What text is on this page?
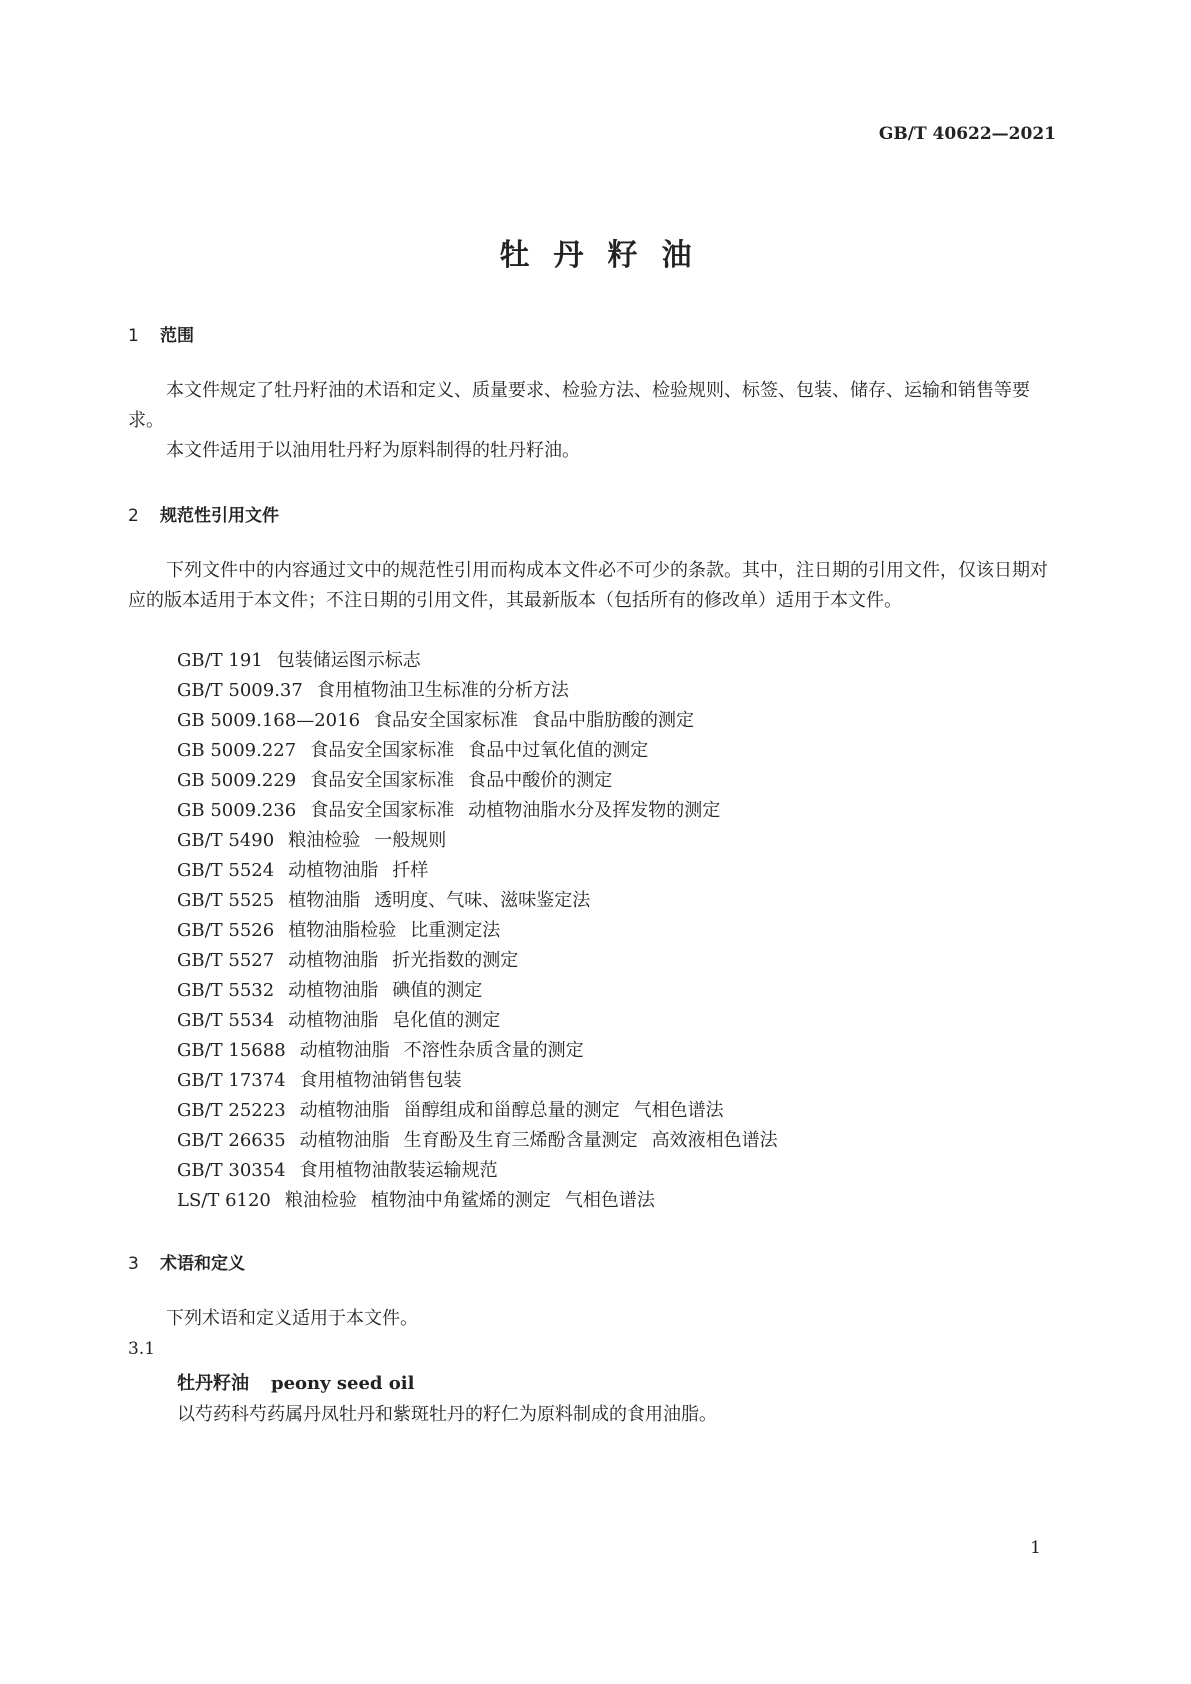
GB/T 40622—2021
牡丹籽油
1 范围
本文件规定了牡丹籽油的术语和定义、质量要求、检验方法、检验规则、标签、包装、储存、运输和销售等要求。
本文件适用于以油用牡丹籽为原料制得的牡丹籽油。
2 规范性引用文件
下列文件中的内容通过文中的规范性引用而构成本文件必不可少的条款。其中，注日期的引用文件，仅该日期对应的版本适用于本文件；不注日期的引用文件，其最新版本（包括所有的修改单）适用于本文件。
GB/T 191 包装储运图示标志
GB/T 5009.37 食用植物油卫生标准的分析方法
GB 5009.168—2016 食品安全国家标准 食品中脂肪酸的测定
GB 5009.227 食品安全国家标准 食品中过氧化值的测定
GB 5009.229 食品安全国家标准 食品中酸价的测定
GB 5009.236 食品安全国家标准 动植物油脂水分及挥发物的测定
GB/T 5490 粮油检验 一般规则
GB/T 5524 动植物油脂 扦样
GB/T 5525 植物油脂 透明度、气味、滋味鉴定法
GB/T 5526 植物油脂检验 比重测定法
GB/T 5527 动植物油脂 折光指数的测定
GB/T 5532 动植物油脂 碘值的测定
GB/T 5534 动植物油脂 皂化值的测定
GB/T 15688 动植物油脂 不溶性杂质含量的测定
GB/T 17374 食用植物油销售包装
GB/T 25223 动植物油脂 甾醇组成和甾醇总量的测定 气相色谱法
GB/T 26635 动植物油脂 生育酚及生育三烯酚含量测定 高效液相色谱法
GB/T 30354 食用植物油散装运输规范
LS/T 6120 粮油检验 植物油中角鲨烯的测定 气相色谱法
3 术语和定义
下列术语和定义适用于本文件。
3.1
牡丹籽油 peony seed oil
以芍药科芍药属丹凤牡丹和紫斑牡丹的籽仁为原料制成的食用油脂。
1
